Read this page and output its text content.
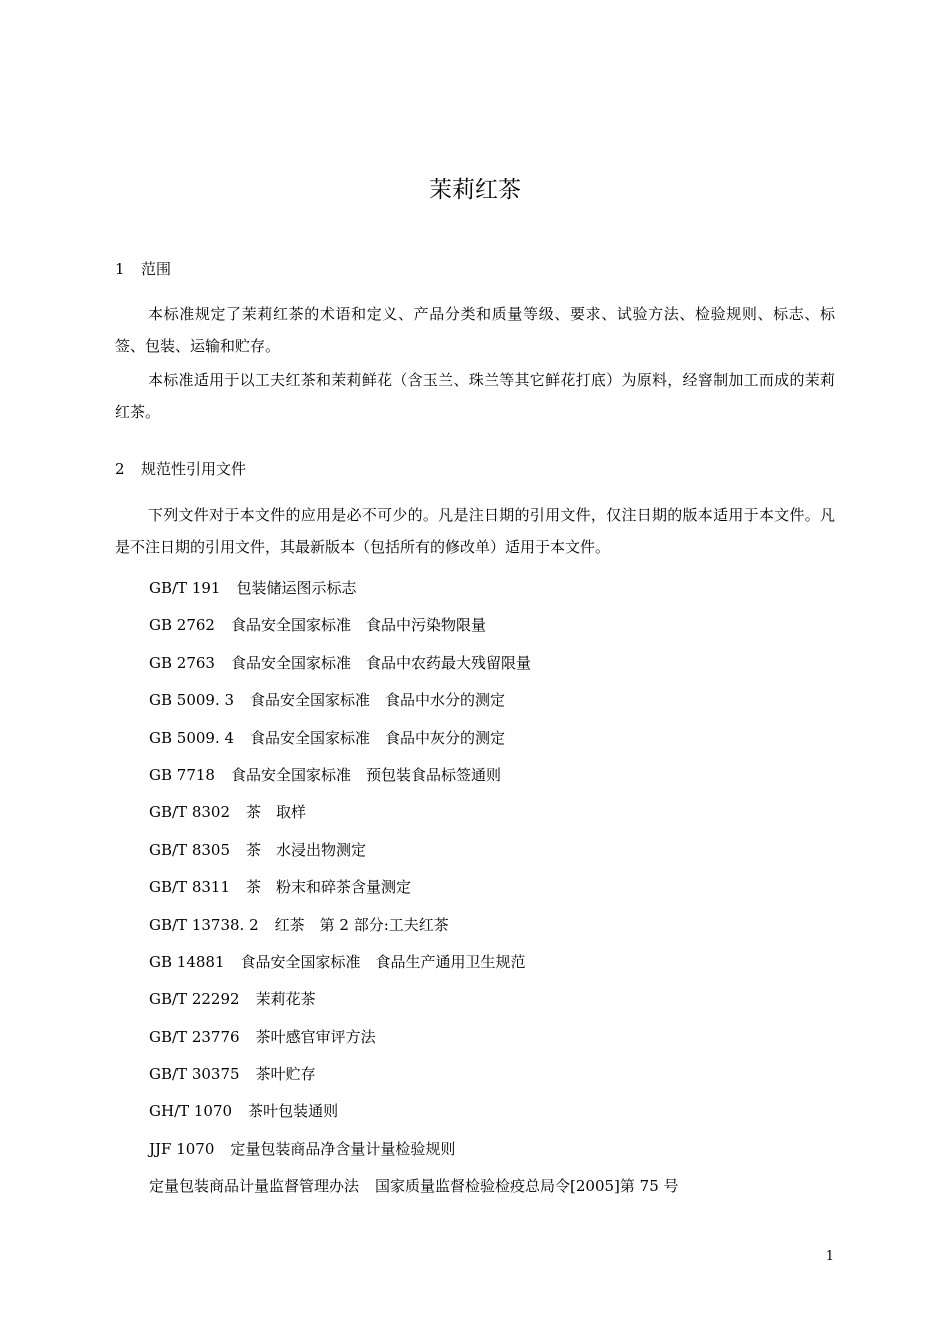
茉莉红茶
1 范围

本标准规定了茉莉红茶的术语和定义、产品分类和质量等级、要求、试验方法、检验规则、标志、标签、包装、运输和贮存。

本标准适用于以工夫红茶和茉莉鲜花（含玉兰、珠兰等其它鲜花打底）为原料，经窨制加工而成的茉莉红茶。

2 规范性引用文件

下列文件对于本文件的应用是必不可少的。凡是注日期的引用文件，仅注日期的版本适用于本文件。凡是不注日期的引用文件，其最新版本（包括所有的修改单）适用于本文件。

GB/T 191 包装储运图示标志
GB 2762 食品安全国家标准　食品中污染物限量
GB 2763 食品安全国家标准　食品中农药最大残留限量
GB 5009. 3 食品安全国家标准　食品中水分的测定
GB 5009. 4 食品安全国家标准　食品中灰分的测定
GB 7718 食品安全国家标准　预包装食品标签通则
GB/T 8302 茶　取样
GB/T 8305 茶　水浸出物测定
GB/T 8311 茶　粉末和碎茶含量测定
GB/T 13738. 2 红茶　第 2 部分:工夫红茶
GB 14881 食品安全国家标准　食品生产通用卫生规范
GB/T 22292 茉莉花茶
GB/T 23776 茶叶感官审评方法
GB/T 30375 茶叶贮存
GH/T 1070 茶叶包装通则
JJF 1070 定量包装商品净含量计量检验规则
定量包装商品计量监督管理办法 国家质量监督检验检疫总局令[2005]第 75 号
1
